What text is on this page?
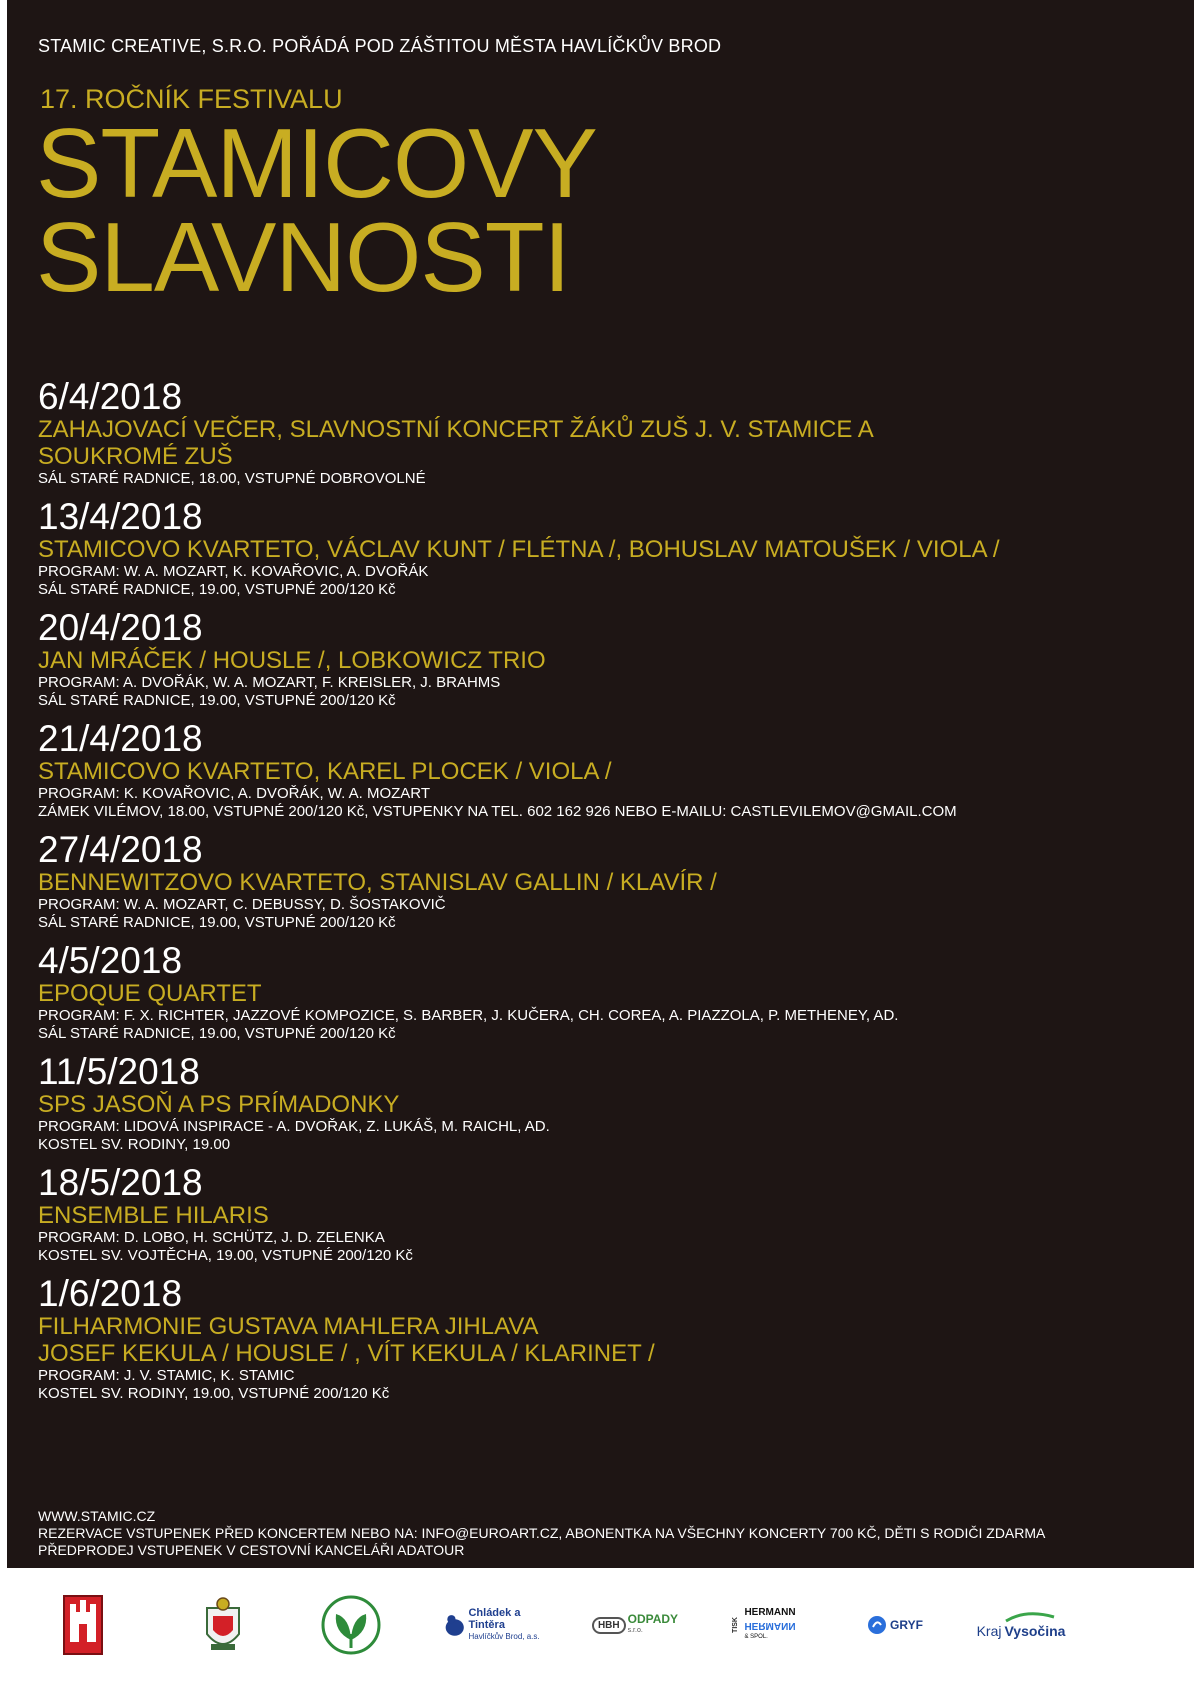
STAMIC CREATIVE, S.R.O. POŘÁDÁ POD ZÁŠTITOU MĚSTA HAVLÍČKŮV BROD
17. ROČNÍK FESTIVALU
STAMICOVY
SLAVNOSTI
6/4/2018
ZAHAJOVACÍ VEČER, SLAVNOSTNÍ KONCERT ŽÁKŮ ZUŠ J. V. STAMICE A
SOUKROMÉ ZUŠ
SÁL STARÉ RADNICE, 18.00, VSTUPNÉ DOBROVOLNÉ
13/4/2018
STAMICOVO KVARTETO, VÁCLAV KUNT / FLÉTNA /, BOHUSLAV MATOUŠEK / VIOLA /
PROGRAM: W. A. MOZART, K. KOVAŘOVIC, A. DVOŘÁK
SÁL STARÉ RADNICE, 19.00, VSTUPNÉ 200/120 Kč
20/4/2018
JAN MRÁČEK / HOUSLE /, LOBKOWICZ TRIO
PROGRAM: A. DVOŘÁK, W. A. MOZART, F. KREISLER, J. BRAHMS
SÁL STARÉ RADNICE, 19.00, VSTUPNÉ 200/120 Kč
21/4/2018
STAMICOVO KVARTETO, KAREL PLOCEK / VIOLA /
PROGRAM: K. KOVAŘOVIC, A. DVOŘÁK, W. A. MOZART
ZÁMEK VILÉMOV, 18.00, VSTUPNÉ 200/120 Kč, VSTUPENKY NA TEL. 602 162 926 NEBO E-MAILU: CASTLEVILEMOV@GMAIL.COM
27/4/2018
BENNEWITZOVO KVARTETO, STANISLAV GALLIN / KLAVÍR /
PROGRAM: W. A. MOZART, C. DEBUSSY, D. ŠOSTAKOVIČ
SÁL STARÉ RADNICE, 19.00, VSTUPNÉ 200/120 Kč
4/5/2018
EPOQUE QUARTET
PROGRAM: F. X. RICHTER, JAZZOVÉ KOMPOZICE, S. BARBER, J. KUČERA, CH. COREA, A. PIAZZOLA, P. METHENEY, AD.
SÁL STARÉ RADNICE, 19.00, VSTUPNÉ 200/120 Kč
11/5/2018
SPS JASOŇ A PS PRÍMADONKY
PROGRAM: LIDOVÁ INSPIRACE - A. DVOŘAK, Z. LUKÁŠ, M. RAICHL, AD.
KOSTEL SV. RODINY, 19.00
18/5/2018
ENSEMBLE HILARIS
PROGRAM: D. LOBO, H. SCHÜTZ, J. D. ZELENKA
KOSTEL SV. VOJTĚCHA, 19.00, VSTUPNÉ 200/120 Kč
1/6/2018
FILHARMONIE GUSTAVA MAHLERA JIHLAVA
JOSEF KEKULA / HOUSLE / , VÍT KEKULA / KLARINET /
PROGRAM: J. V. STAMIC, K. STAMIC
KOSTEL SV. RODINY, 19.00, VSTUPNÉ 200/120 Kč
WWW.STAMIC.CZ
REZERVACE VSTUPENEK PŘED KONCERTEM NEBO NA: INFO@EUROART.CZ, ABONENTKA NA VŠECHNY KONCERTY 700 KČ, DĚTI S RODIČI ZDARMA
PŘEDPRODEJ VSTUPENEK V CESTOVNÍ KANCELÁŘI ADATOUR
Chládek a Tintěra
Havlíčkův Brod, a.s.
HBH ODPADY
s.r.o.	TISK
HERMANN
HERMANN
& SPOL.
GRYF	Kraj Vysočina
